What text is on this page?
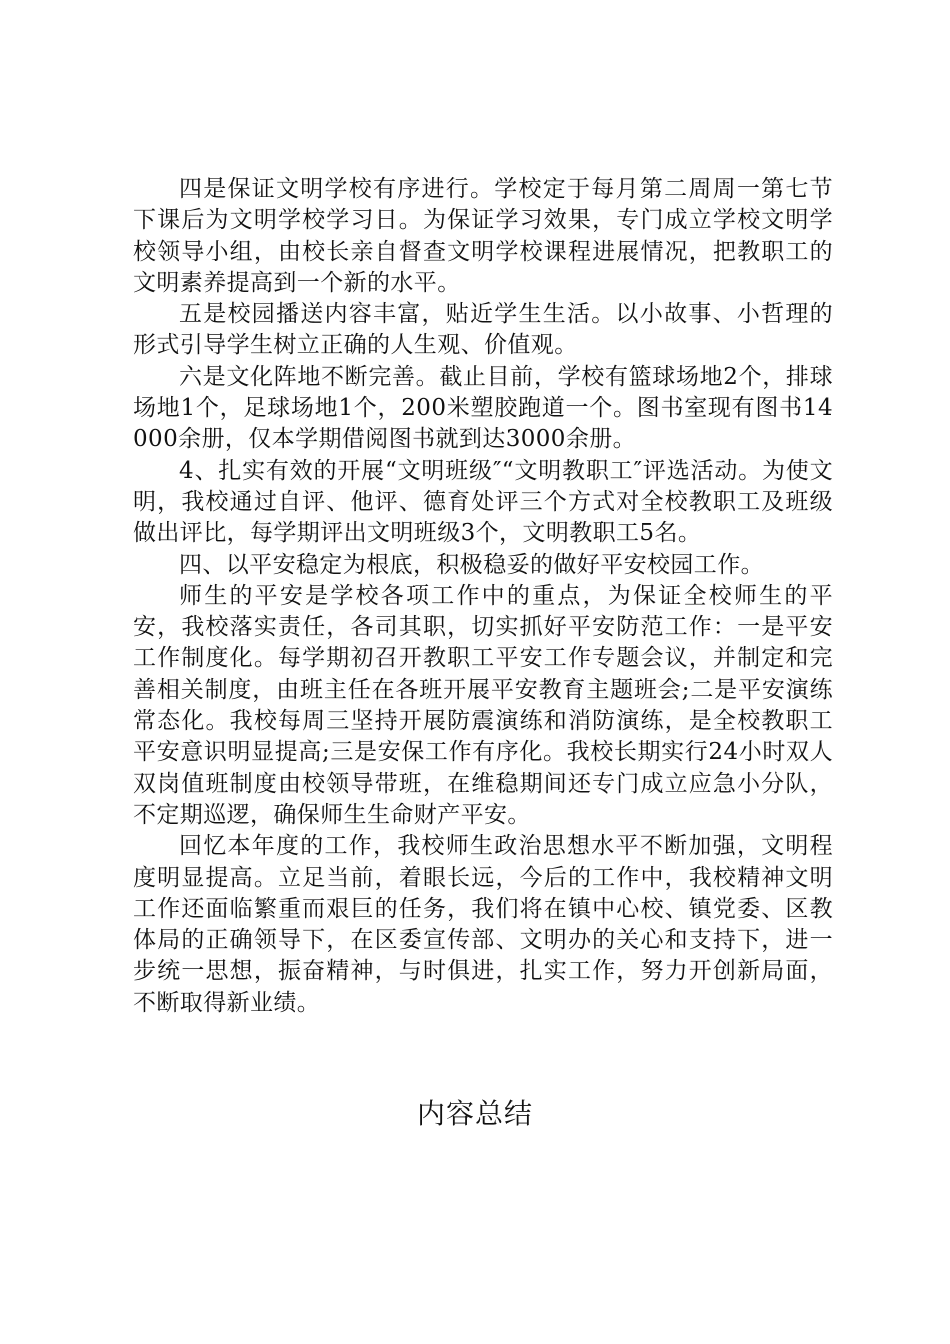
四是保证文明学校有序进行。学校定于每月第二周周一第七节下课后为文明学校学习日。为保证学习效果，专门成立学校文明学校领导小组，由校长亲自督查文明学校课程进展情况，把教职工的文明素养提高到一个新的水平。

五是校园播送内容丰富，贴近学生生活。以小故事、小哲理的形式引导学生树立正确的人生观、价值观。

六是文化阵地不断完善。截止目前，学校有篮球场地2个，排球场地1个，足球场地1个，200米塑胶跑道一个。图书室现有图书14000余册，仅本学期借阅图书就到达3000余册。

4、扎实有效的开展“文明班级″“文明教职工″评选活动。为使文明，我校通过自评、他评、德育处评三个方式对全校教职工及班级做出评比，每学期评出文明班级3个，文明教职工5名。

四、以平安稳定为根底，积极稳妥的做好平安校园工作。

师生的平安是学校各项工作中的重点，为保证全校师生的平安，我校落实责任，各司其职，切实抓好平安防范工作：一是平安工作制度化。每学期初召开教职工平安工作专题会议，并制定和完善相关制度，由班主任在各班开展平安教育主题班会;二是平安演练常态化。我校每周三坚持开展防震演练和消防演练，是全校教职工平安意识明显提高;三是安保工作有序化。我校长期实行24小时双人双岗值班制度由校领导带班，在维稳期间还专门成立应急小分队，不定期巡逻，确保师生生命财产平安。

回忆本年度的工作，我校师生政治思想水平不断加强，文明程度明显提高。立足当前，着眼长远，今后的工作中，我校精神文明工作还面临繁重而艰巨的任务，我们将在镇中心校、镇党委、区教体局的正确领导下，在区委宣传部、文明办的关心和支持下，进一步统一思想，振奋精神，与时俱进，扎实工作，努力开创新局面，不断取得新业绩。

内容总结
